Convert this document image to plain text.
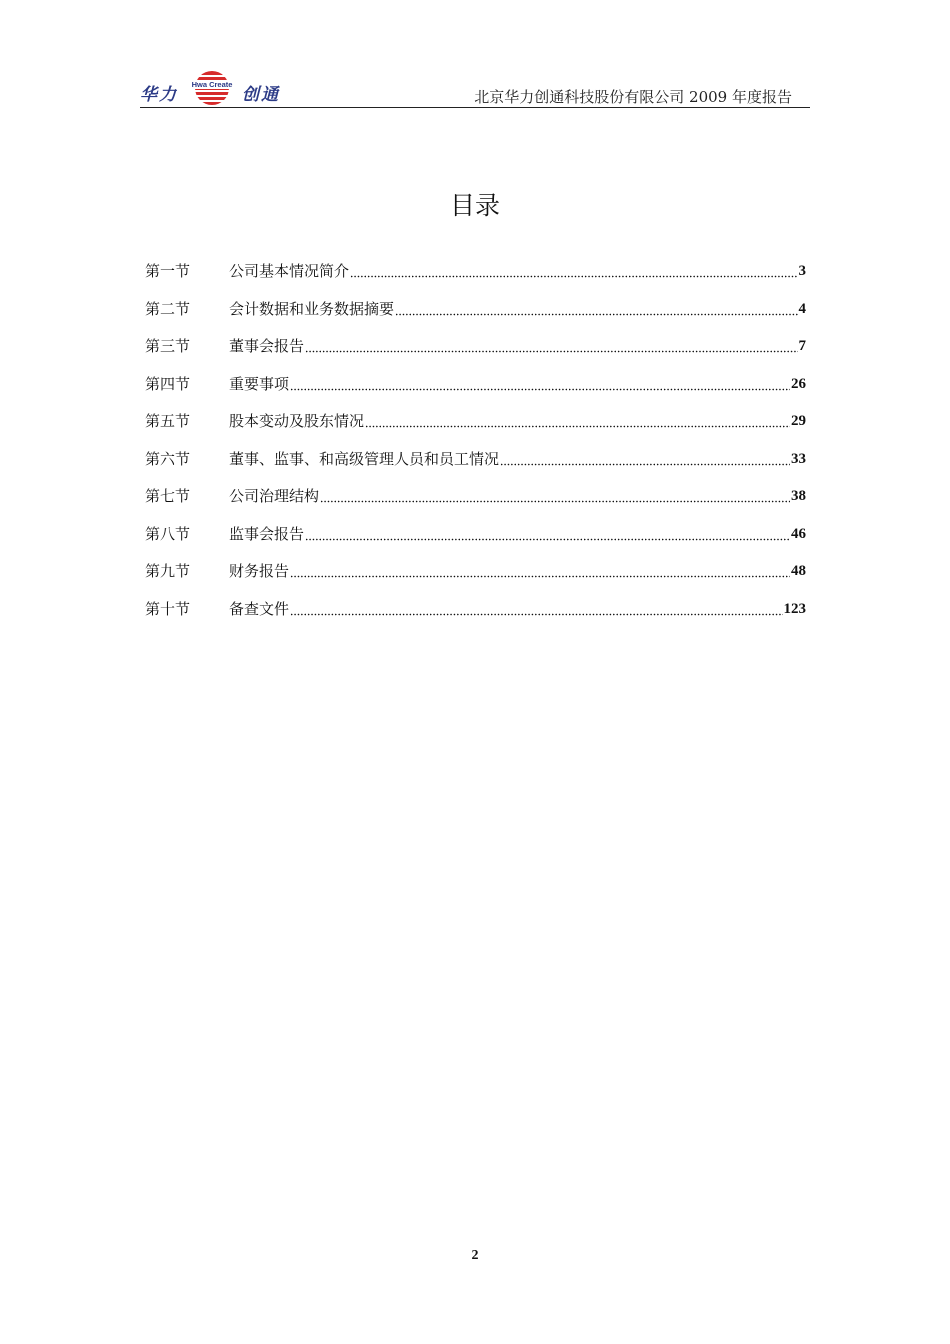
华力
Hwa Create
创通	北京华力创通科技股份有限公司 2009 年度报告
目录
第一节	公司基本情况简介	3
第二节	会计数据和业务数据摘要	4
第三节	董事会报告	7
第四节	重要事项	26
第五节	股本变动及股东情况	29
第六节	董事、监事、和高级管理人员和员工情况	33
第七节	公司治理结构	38
第八节	监事会报告	46
第九节	财务报告	48
第十节	备查文件	123
2
